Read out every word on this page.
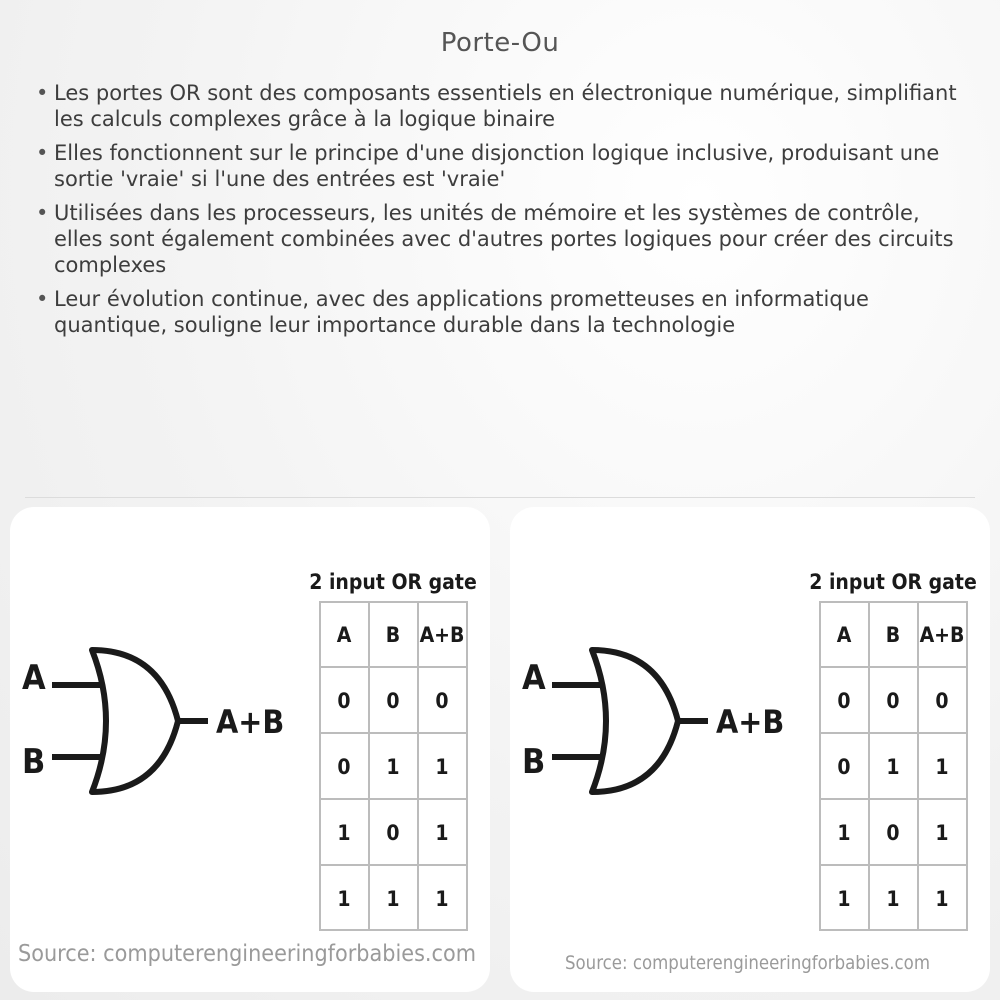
Porte-Ou
• Les portes OR sont des composants essentiels en électronique numérique, simplifiant les calculs complexes grâce à la logique binaire
• Elles fonctionnent sur le principe d'une disjonction logique inclusive, produisant une sortie 'vraie' si l'une des entrées est 'vraie'
• Utilisées dans les processeurs, les unités de mémoire et les systèmes de contrôle, elles sont également combinées avec d'autres portes logiques pour créer des circuits complexes
• Leur évolution continue, avec des applications prometteuses en informatique quantique, souligne leur importance durable dans la technologie
A
B
A+B
2 input OR gate
A B A+B
0 0 0
0 1 1
1 0 1
1 1 1
Source: computerengineeringforbabies.com
A
B
A+B
2 input OR gate
A B A+B
0 0 0
0 1 1
1 0 1
1 1 1
Source: computerengineeringforbabies.com
